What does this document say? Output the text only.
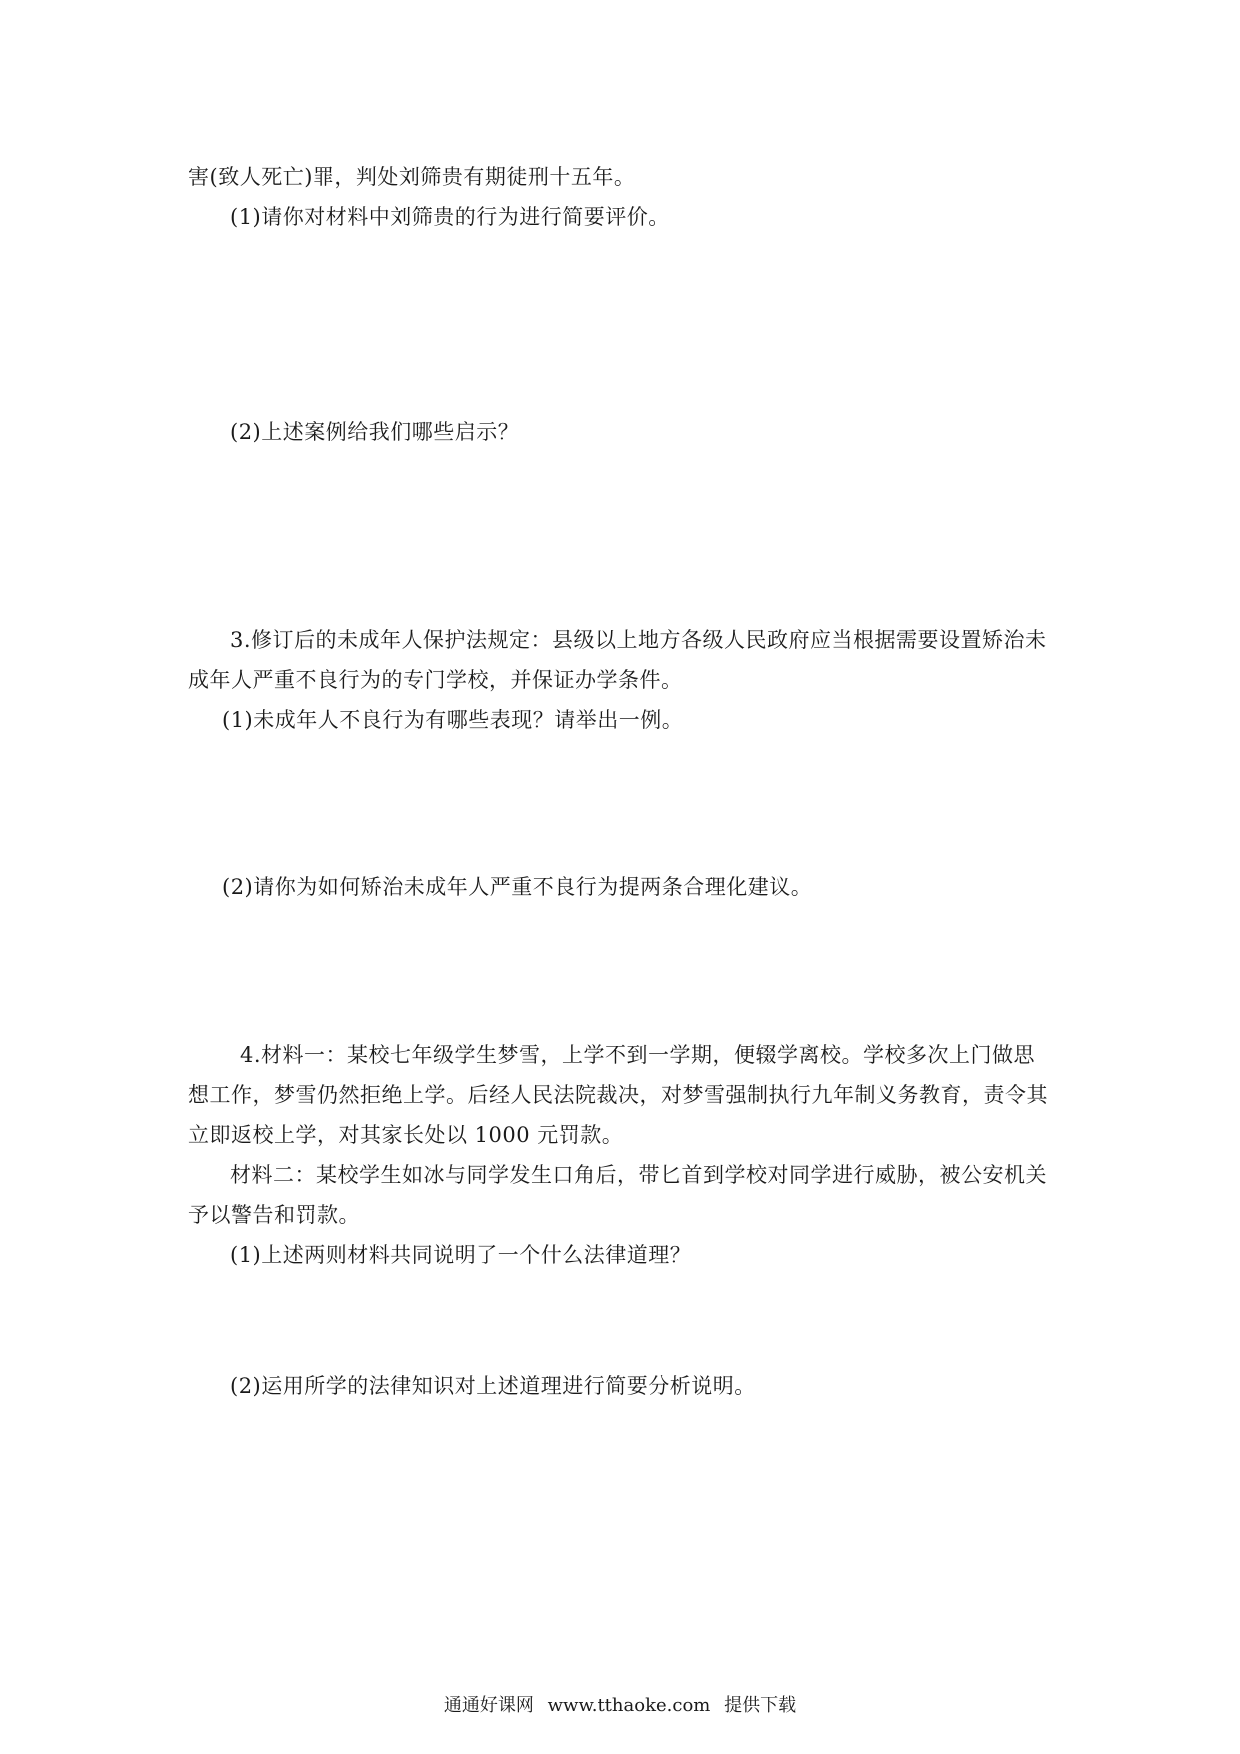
害(致人死亡)罪，判处刘筛贵有期徒刑十五年。
(1)请你对材料中刘筛贵的行为进行简要评价。
(2)上述案例给我们哪些启示？
3.修订后的未成年人保护法规定：县级以上地方各级人民政府应当根据需要设置矫治未
成年人严重不良行为的专门学校，并保证办学条件。
(1)未成年人不良行为有哪些表现？请举出一例。
(2)请你为如何矫治未成年人严重不良行为提两条合理化建议。
4.材料一：某校七年级学生梦雪，上学不到一学期，便辍学离校。学校多次上门做思
想工作，梦雪仍然拒绝上学。后经人民法院裁决，对梦雪强制执行九年制义务教育，责令其
立即返校上学，对其家长处以 1000 元罚款。
材料二：某校学生如冰与同学发生口角后，带匕首到学校对同学进行威胁，被公安机关
予以警告和罚款。
(1)上述两则材料共同说明了一个什么法律道理？
(2)运用所学的法律知识对上述道理进行简要分析说明。
通通好课网 www.tthaoke.com 提供下载
